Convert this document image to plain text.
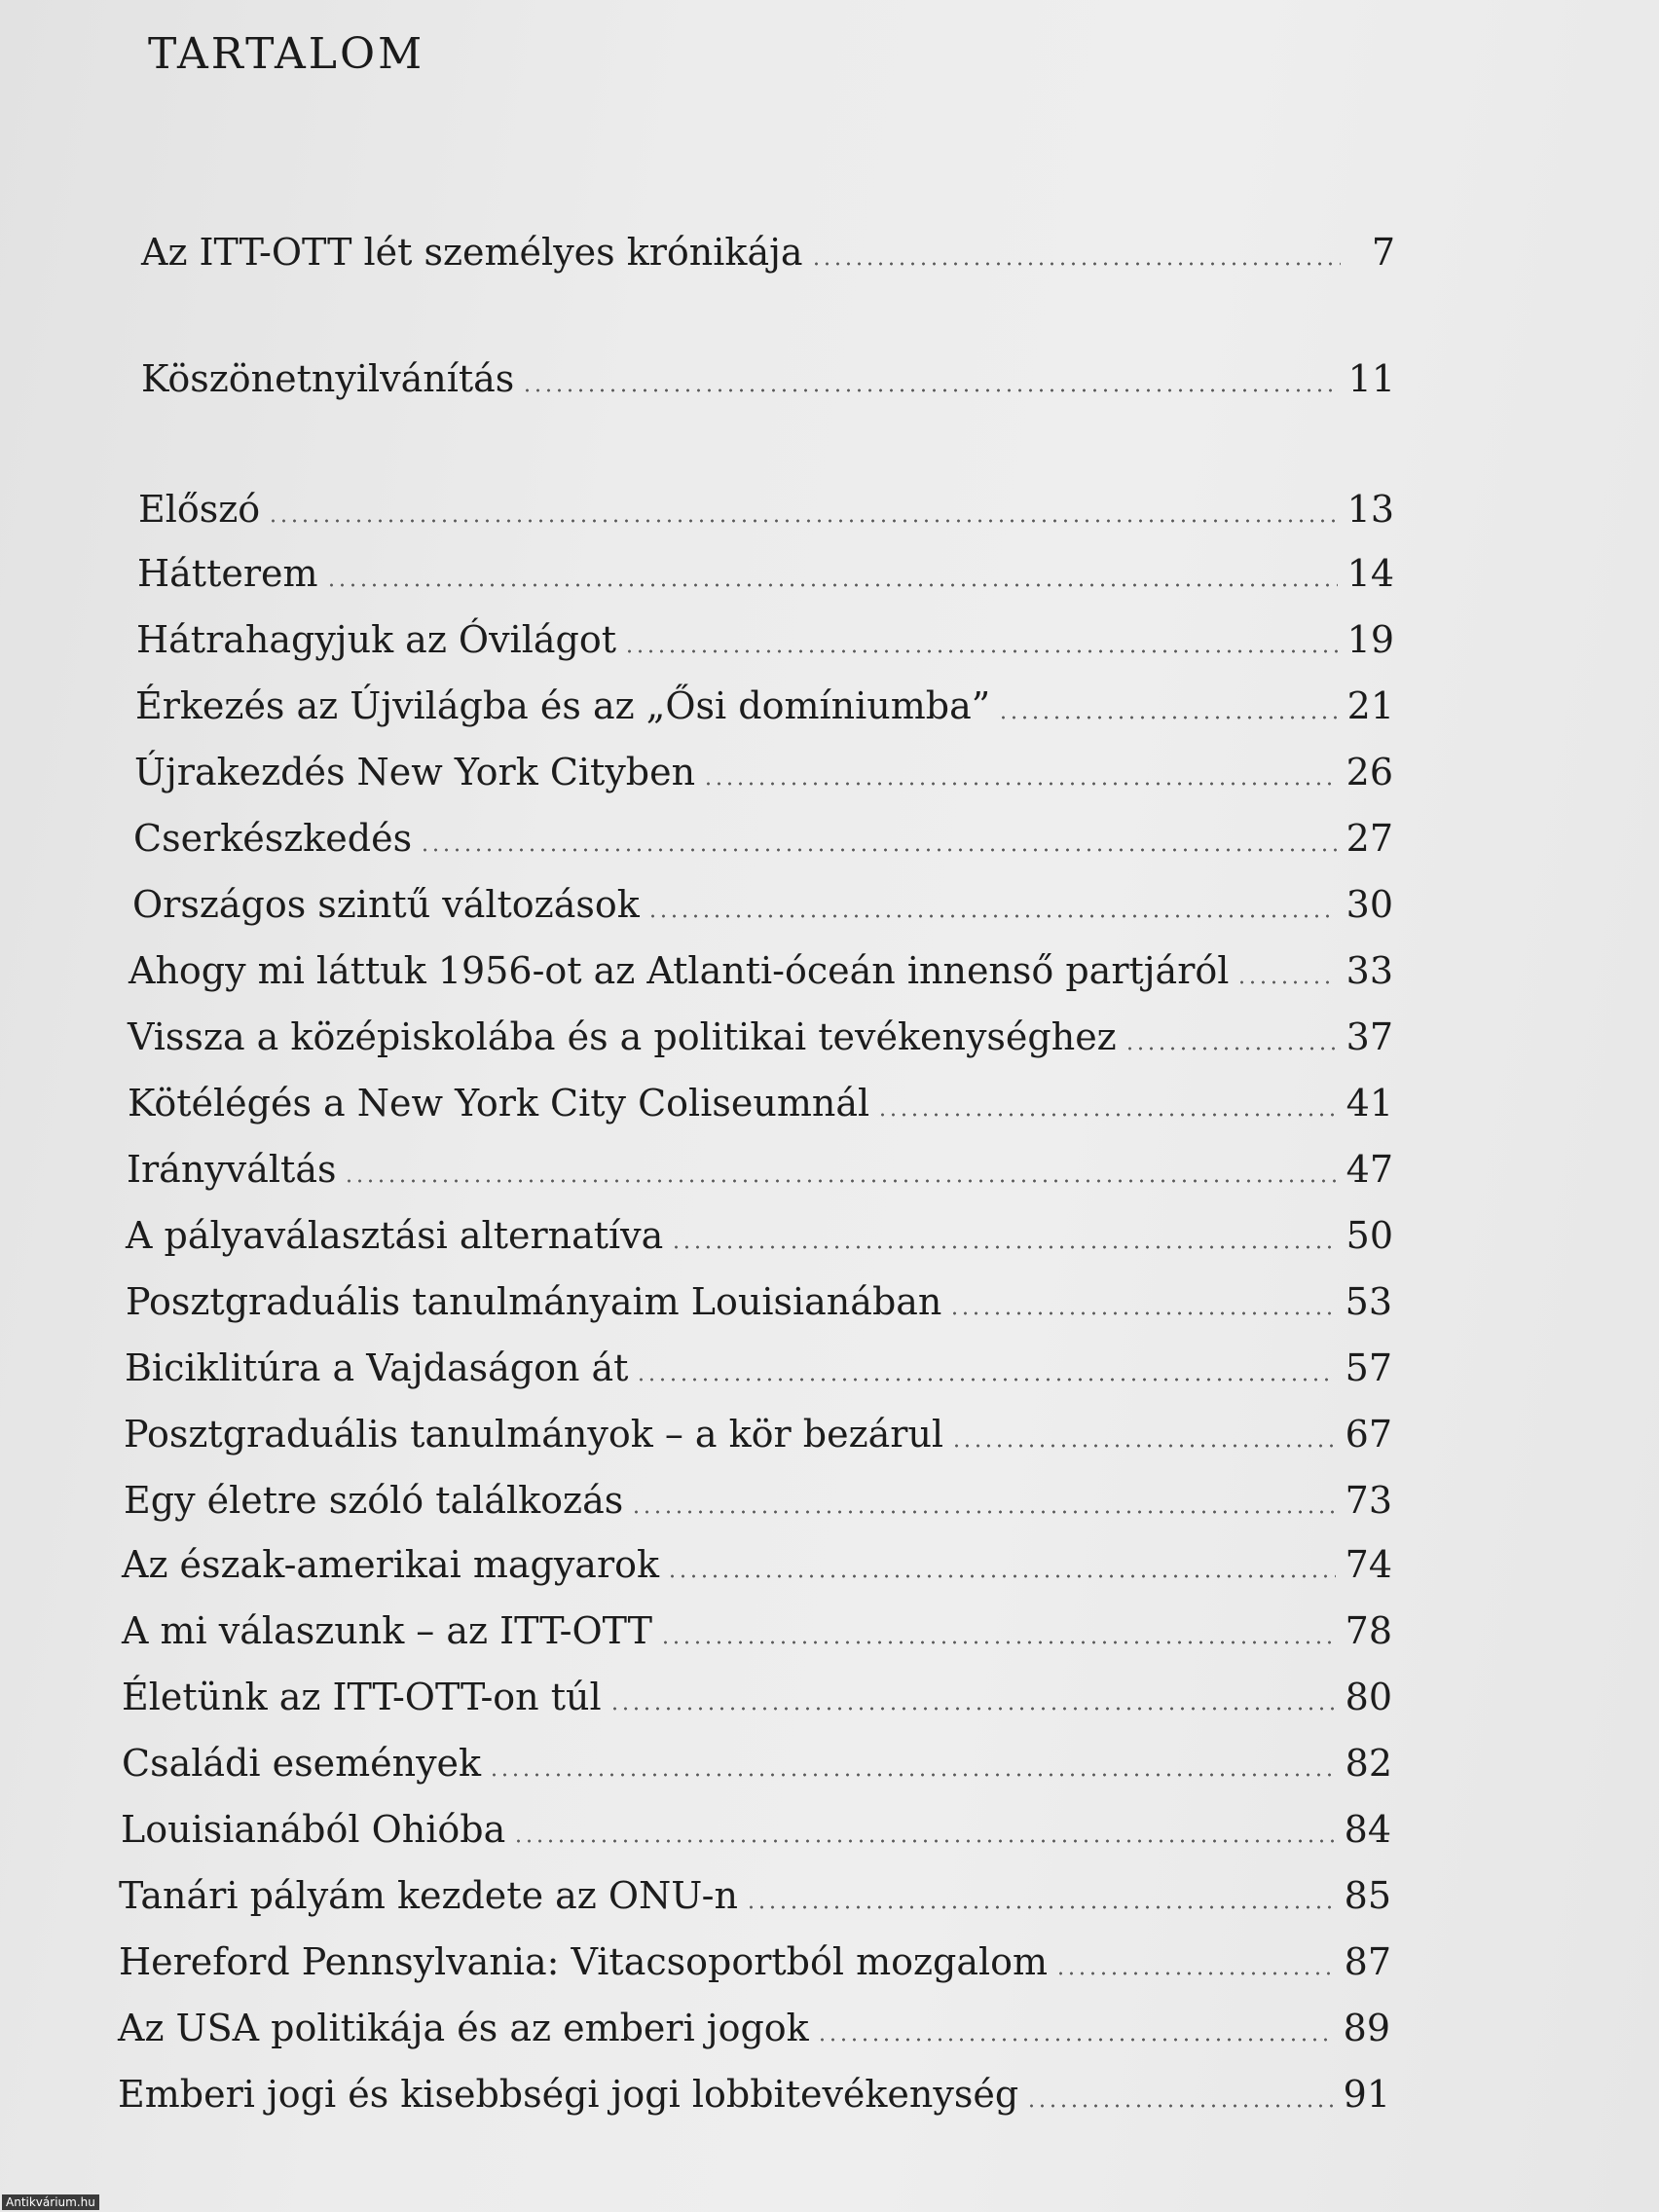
TARTALOM
Az ITT-OTT lét személyes krónikája	7
Köszönetnyilvánítás	11
Előszó	13
Hátterem	14
Hátrahagyjuk az Óvilágot	19
Érkezés az Újvilágba és az „Ősi domíniumba”	21
Újrakezdés New York Cityben	26
Cserkészkedés	27
Országos szintű változások	30
Ahogy mi láttuk 1956-ot az Atlanti-óceán innenső partjáról	33
Vissza a középiskolába és a politikai tevékenységhez	37
Kötélégés a New York City Coliseumnál	41
Irányváltás	47
A pályaválasztási alternatíva	50
Posztgraduális tanulmányaim Louisianában	53
Biciklitúra a Vajdaságon át	57
Posztgraduális tanulmányok – a kör bezárul	67
Egy életre szóló találkozás	73
Az észak-amerikai magyarok	74
A mi válaszunk – az ITT-OTT	78
Életünk az ITT-OTT-on túl	80
Családi események	82
Louisianából Ohióba	84
Tanári pályám kezdete az ONU-n	85
Hereford Pennsylvania: Vitacsoportból mozgalom	87
Az USA politikája és az emberi jogok	89
Emberi jogi és kisebbségi jogi lobbitevékenység	91
Antikvárium.hu
